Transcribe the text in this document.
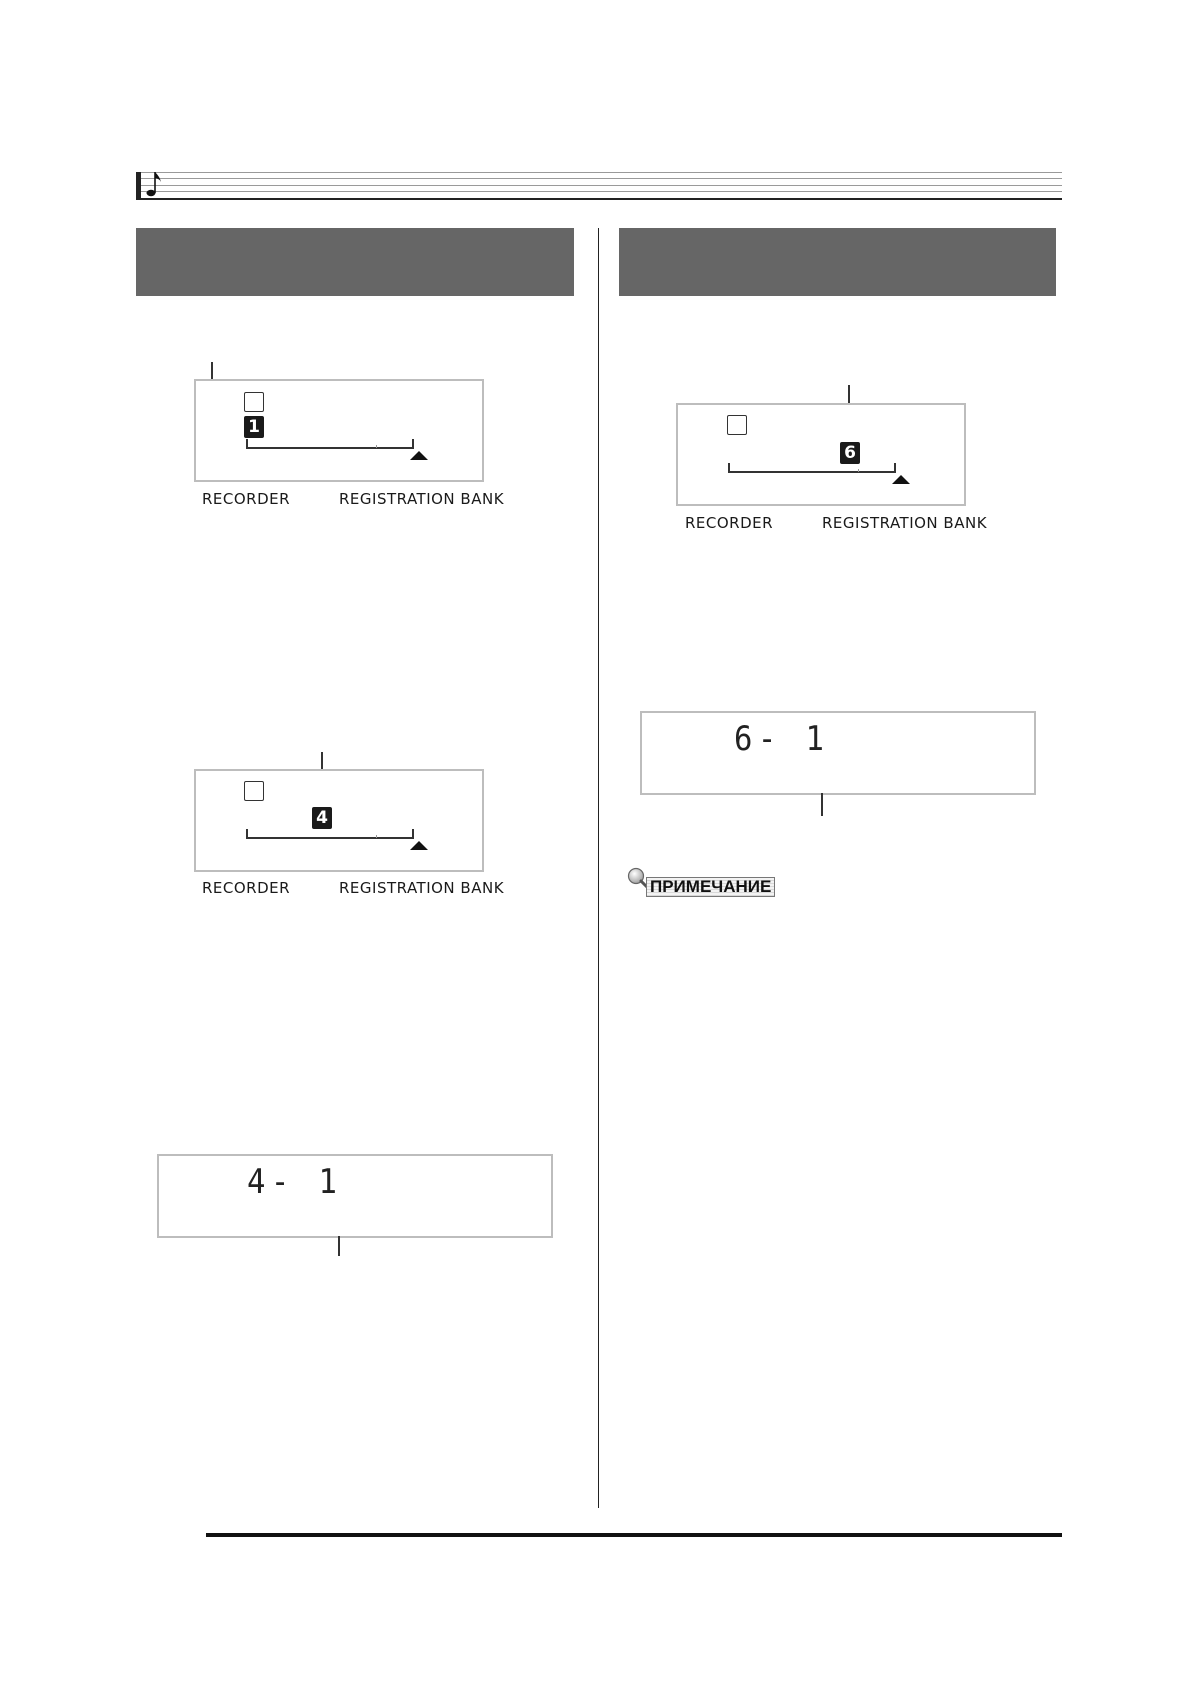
1
RECORDER	REGISTRATION BANK
4
RECORDER	REGISTRATION BANK
4- 1
6
RECORDER	REGISTRATION BANK
6- 1
ПРИМЕЧАНИЕ
